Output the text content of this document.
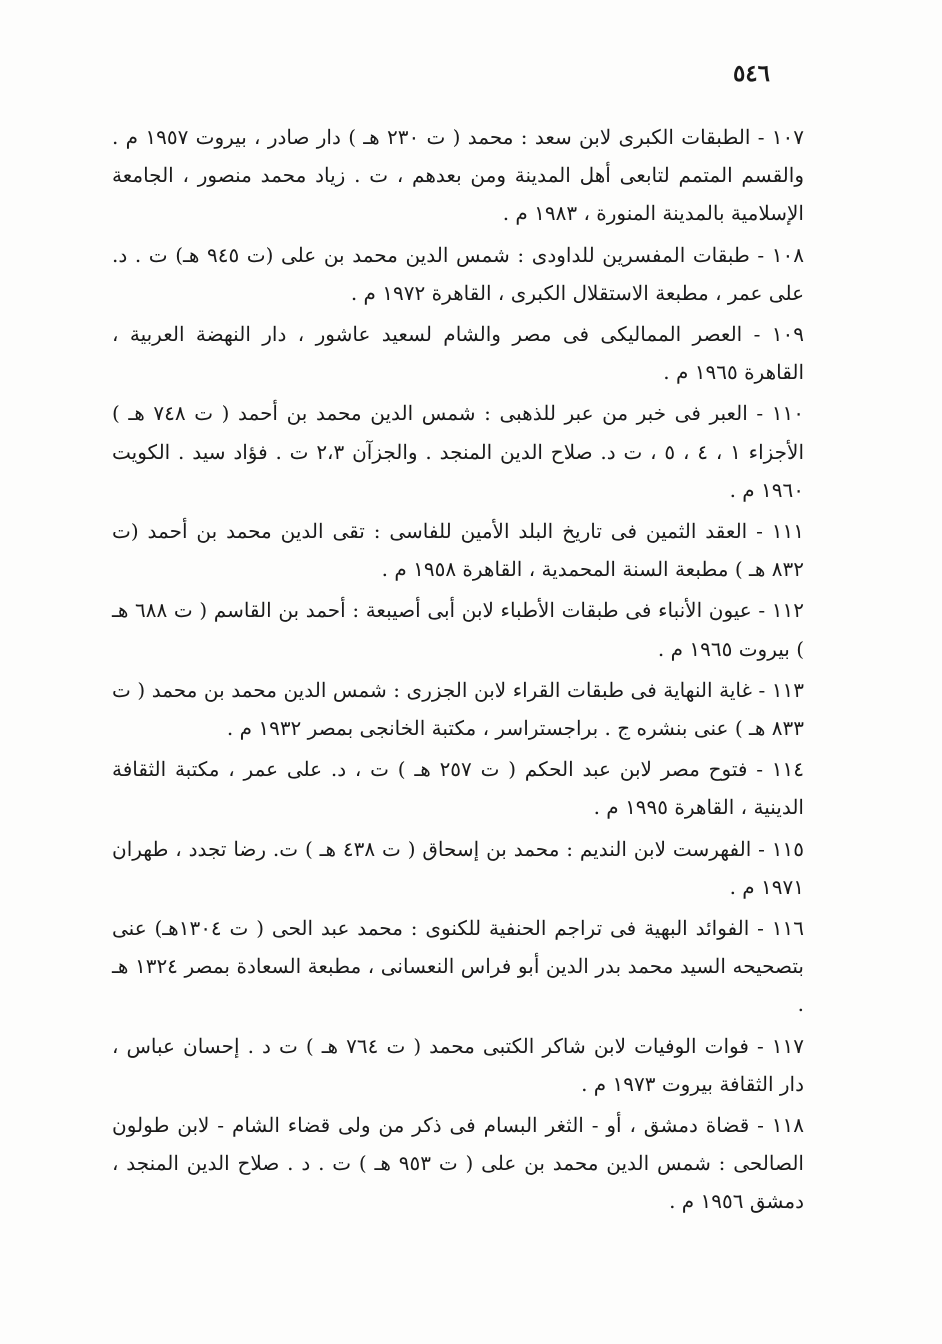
٥٤٦

١٠٧ - الطبقات الكبرى لابن سعد : محمد ( ت ٢٣٠ هـ ) دار صادر ، بيروت ١٩٥٧ م . والقسم المتمم لتابعى أهل المدينة ومن بعدهم ، ت . زياد محمد منصور ، الجامعة الإسلامية بالمدينة المنورة ، ١٩٨٣ م .

١٠٨ - طبقات المفسرين للداودى : شمس الدين محمد بن على (ت ٩٤٥ هـ) ت . د. على عمر ، مطبعة الاستقلال الكبرى ، القاهرة ١٩٧٢ م .

١٠٩ - العصر المماليكى فى مصر والشام لسعيد عاشور ، دار النهضة العربية ، القاهرة ١٩٦٥ م .

١١٠ - العبر فى خبر من عبر للذهبى : شمس الدين محمد بن أحمد ( ت ٧٤٨ هـ ) الأجزاء ١ ، ٤ ، ٥ ، ت د. صلاح الدين المنجد . والجزآن ٢،٣ ت . فؤاد سيد . الكويت ١٩٦٠ م .

١١١ - العقد الثمين فى تاريخ البلد الأمين للفاسى : تقى الدين محمد بن أحمد (ت ٨٣٢ هـ ) مطبعة السنة المحمدية ، القاهرة ١٩٥٨ م .

١١٢ - عيون الأنباء فى طبقات الأطباء لابن أبى أصيبعة : أحمد بن القاسم ( ت ٦٨٨ هـ ) بيروت ١٩٦٥ م .

١١٣ - غاية النهاية فى طبقات القراء لابن الجزرى : شمس الدين محمد بن محمد ( ت ٨٣٣ هـ ) عنى بنشره ج . براجستراسر ، مكتبة الخانجى بمصر ١٩٣٢ م .

١١٤ - فتوح مصر لابن عبد الحكم ( ت ٢٥٧ هـ ) ت ، د. على عمر ، مكتبة الثقافة الدينية ، القاهرة ١٩٩٥ م .

١١٥ - الفهرست لابن النديم : محمد بن إسحاق ( ت ٤٣٨ هـ ) ت. رضا تجدد ، طهران ١٩٧١ م .

١١٦ - الفوائد البهية فى تراجم الحنفية للكنوى : محمد عبد الحى ( ت ١٣٠٤هـ) عنى بتصحيحه السيد محمد بدر الدين أبو فراس النعسانى ، مطبعة السعادة بمصر ١٣٢٤ هـ .

١١٧ - فوات الوفيات لابن شاكر الكتبى محمد ( ت ٧٦٤ هـ ) ت د . إحسان عباس ، دار الثقافة بيروت ١٩٧٣ م .

١١٨ - قضاة دمشق ، أو - الثغر البسام فى ذكر من ولى قضاء الشام - لابن طولون الصالحى : شمس الدين محمد بن على ( ت ٩٥٣ هـ ) ت . د . صلاح الدين المنجد ، دمشق ١٩٥٦ م .
